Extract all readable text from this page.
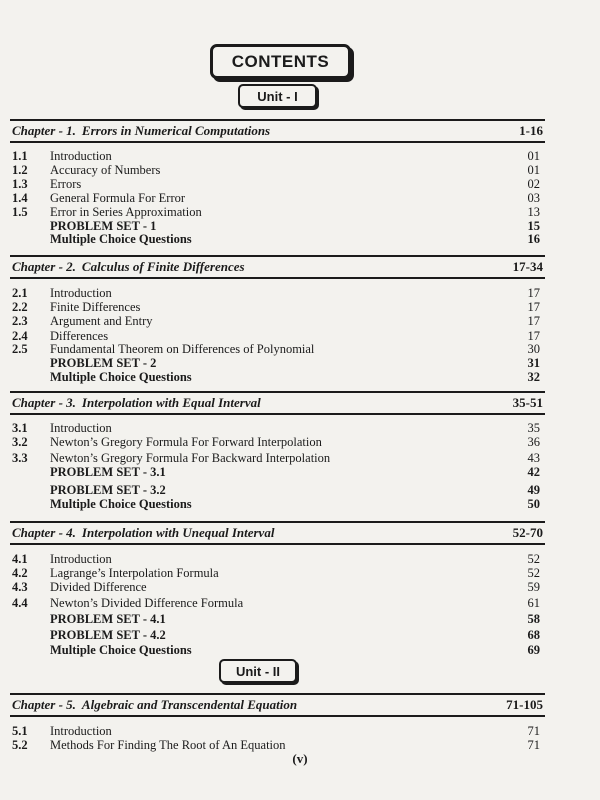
CONTENTS
Unit - I
Unit - II
Chapter - 1. Errors in Numerical Computations	1-16
1.1 Introduction	01
1.2 Accuracy of Numbers	01
1.3 Errors	02
1.4 General Formula For Error	03
1.5 Error in Series Approximation	13
PROBLEM SET - 1	15
Multiple Choice Questions	16
Chapter - 2. Calculus of Finite Differences	17-34
2.1 Introduction	17
2.2 Finite Differences	17
2.3 Argument and Entry	17
2.4 Differences	17
2.5 Fundamental Theorem on Differences of Polynomial	30
PROBLEM SET - 2	31
Multiple Choice Questions	32
Chapter - 3. Interpolation with Equal Interval	35-51
3.1 Introduction	35
3.2 Newton’s Gregory Formula For Forward Interpolation	36
3.3 Newton’s Gregory Formula For Backward Interpolation	43
PROBLEM SET - 3.1	42
PROBLEM SET - 3.2	49
Multiple Choice Questions	50
Chapter - 4. Interpolation with Unequal Interval	52-70
4.1 Introduction	52
4.2 Lagrange’s Interpolation Formula	52
4.3 Divided Difference	59
4.4 Newton’s Divided Difference Formula	61
PROBLEM SET - 4.1	58
PROBLEM SET - 4.2	68
Multiple Choice Questions	69
Chapter - 5. Algebraic and Transcendental Equation	71-105
5.1 Introduction	71
5.2 Methods For Finding The Root of An Equation	71
(v)
